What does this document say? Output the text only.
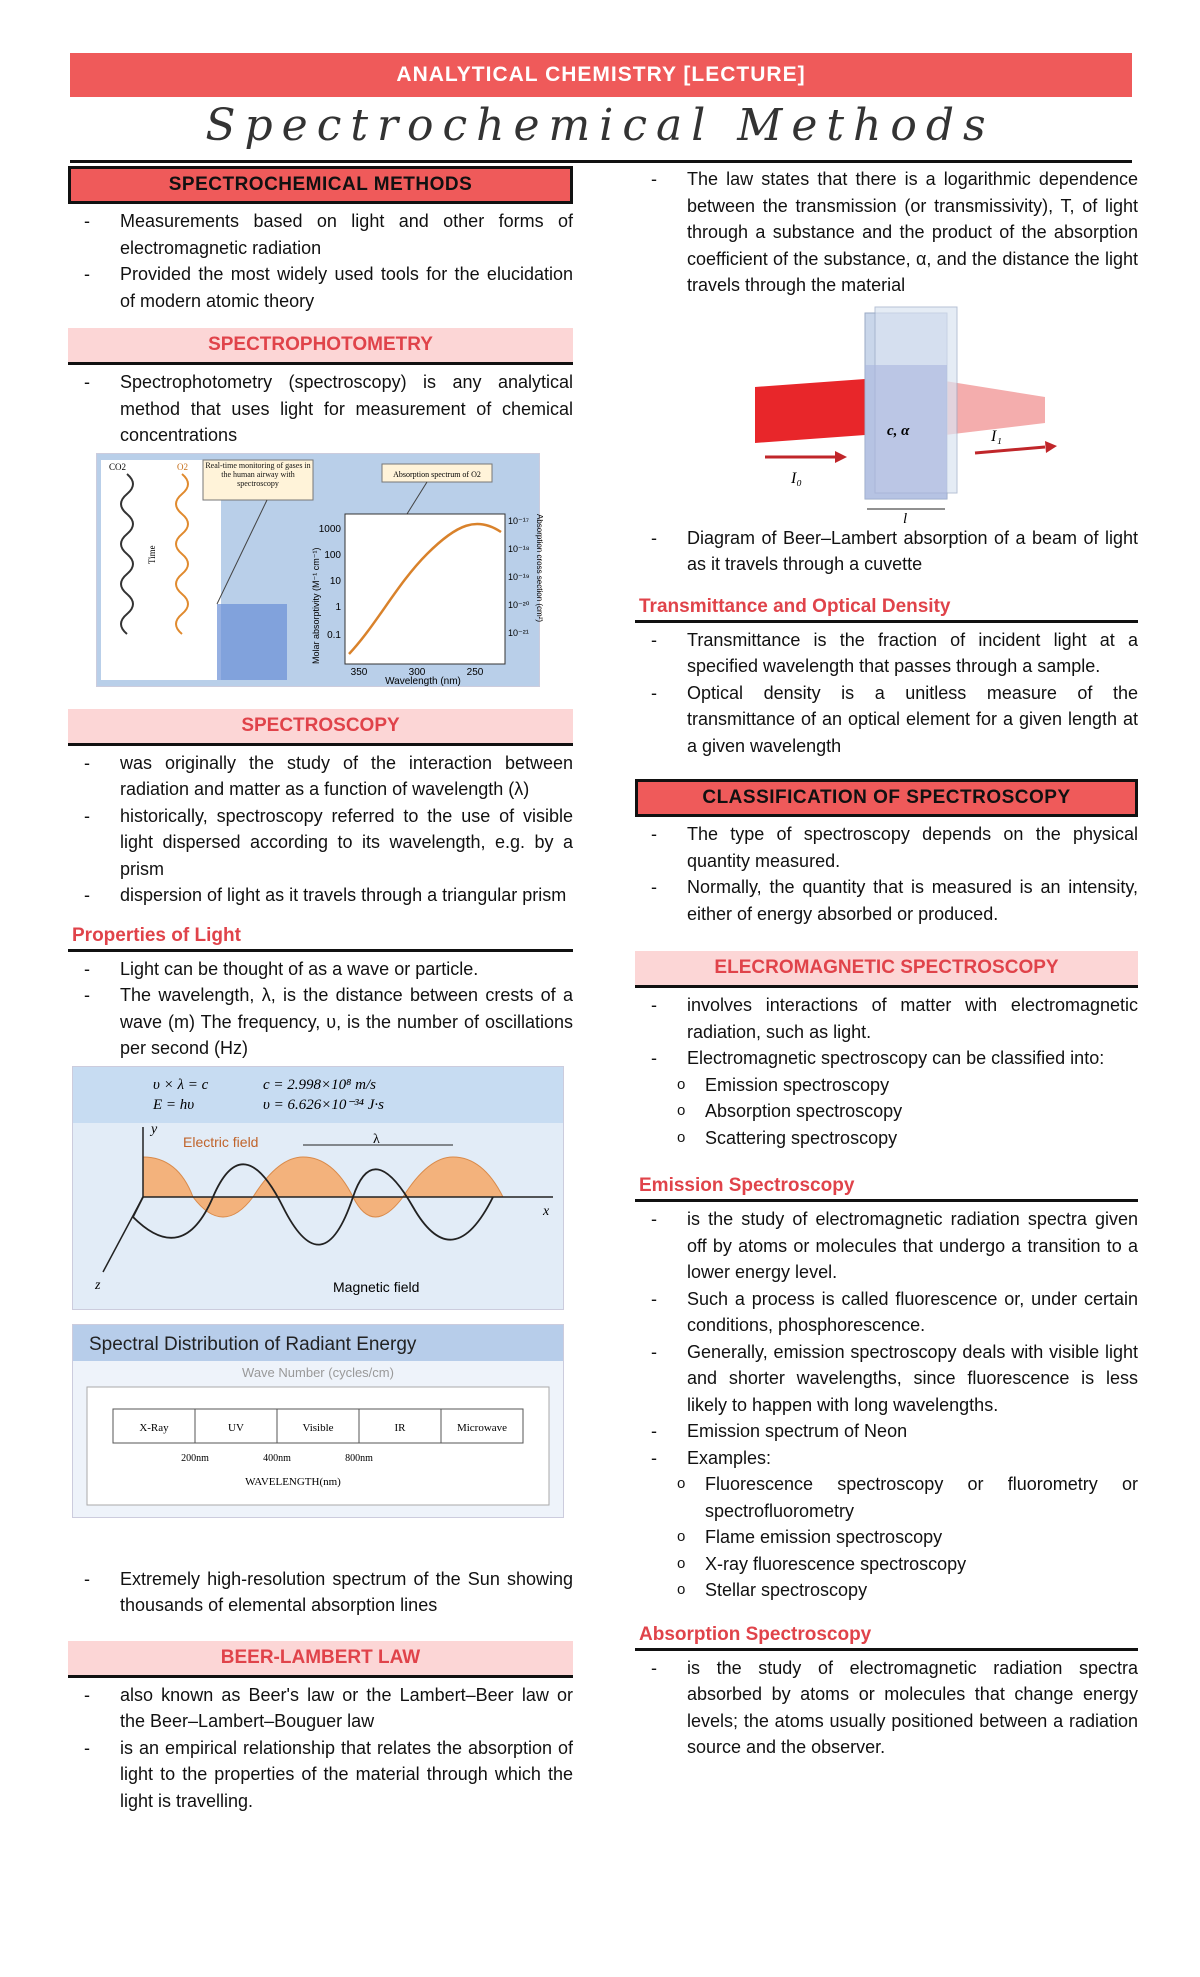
ANALYTICAL CHEMISTRY [LECTURE]
Spectrochemical Methods
SPECTROCHEMICAL METHODS
- Measurements based on light and other forms of electromagnetic radiation
- Provided the most widely used tools for the elucidation of modern atomic theory
SPECTROPHOTOMETRY
- Spectrophotometry (spectroscopy) is any analytical method that uses light for measurement of chemical concentrations
CO2	O2
Time
Real-time monitoring of gases in the human airway with spectroscopy
Absorption spectrum of O2
1000
100
10
1
0.1
10⁻¹⁷
10⁻¹⁸
10⁻¹⁹
10⁻²⁰
10⁻²¹
350	300	250
Wavelength (nm)
Molar absorptivity (M⁻¹ cm⁻¹)	Absorption cross section (cm²)
SPECTROSCOPY
- was originally the study of the interaction between radiation and matter as a function of wavelength (λ)
- historically, spectroscopy referred to the use of visible light dispersed according to its wavelength, e.g. by a prism
- dispersion of light as it travels through a triangular prism
Properties of Light
- Light can be thought of as a wave or particle.
- The wavelength, λ, is the distance between crests of a wave (m) The frequency, υ, is the number of oscillations per second (Hz)
υ × λ = c	c = 2.998×10⁸ m/s
E = hυ	υ = 6.626×10⁻³⁴ J·s
λ
Electric field
Magnetic field
y
x
z
Spectral Distribution of Radiant Energy
Wave Number (cycles/cm)
X-Ray	UV	Visible	IR	Microwave
200nm	400nm	800nm
WAVELENGTH(nm)
- Extremely high-resolution spectrum of the Sun showing thousands of elemental absorption lines
BEER-LAMBERT LAW
- also known as Beer's law or the Lambert–Beer law or the Beer–Lambert–Bouguer law
- is an empirical relationship that relates the absorption of light to the properties of the material through which the light is travelling.
- The law states that there is a logarithmic dependence between the transmission (or transmissivity), T, of light through a substance and the product of the absorption coefficient of the substance, α, and the distance the light travels through the material
I₀
I₁
c, α
l
- Diagram of Beer–Lambert absorption of a beam of light as it travels through a cuvette
Transmittance and Optical Density
- Transmittance is the fraction of incident light at a specified wavelength that passes through a sample.
- Optical density is a unitless measure of the transmittance of an optical element for a given length at a given wavelength
CLASSIFICATION OF SPECTROSCOPY
- The type of spectroscopy depends on the physical quantity measured.
- Normally, the quantity that is measured is an intensity, either of energy absorbed or produced.
ELECROMAGNETIC SPECTROSCOPY
- involves interactions of matter with electromagnetic radiation, such as light.
- Electromagnetic spectroscopy can be classified into:
o Emission spectroscopy
o Absorption spectroscopy
o Scattering spectroscopy
Emission Spectroscopy
- is the study of electromagnetic radiation spectra given off by atoms or molecules that undergo a transition to a lower energy level.
- Such a process is called fluorescence or, under certain conditions, phosphorescence.
- Generally, emission spectroscopy deals with visible light and shorter wavelengths, since fluorescence is less likely to happen with long wavelengths.
- Emission spectrum of Neon
- Examples:
o Fluorescence spectroscopy or fluorometry or spectrofluorometry
o Flame emission spectroscopy
o X-ray fluorescence spectroscopy
o Stellar spectroscopy
Absorption Spectroscopy
- is the study of electromagnetic radiation spectra absorbed by atoms or molecules that change energy levels; the atoms usually positioned between a radiation source and the observer.
